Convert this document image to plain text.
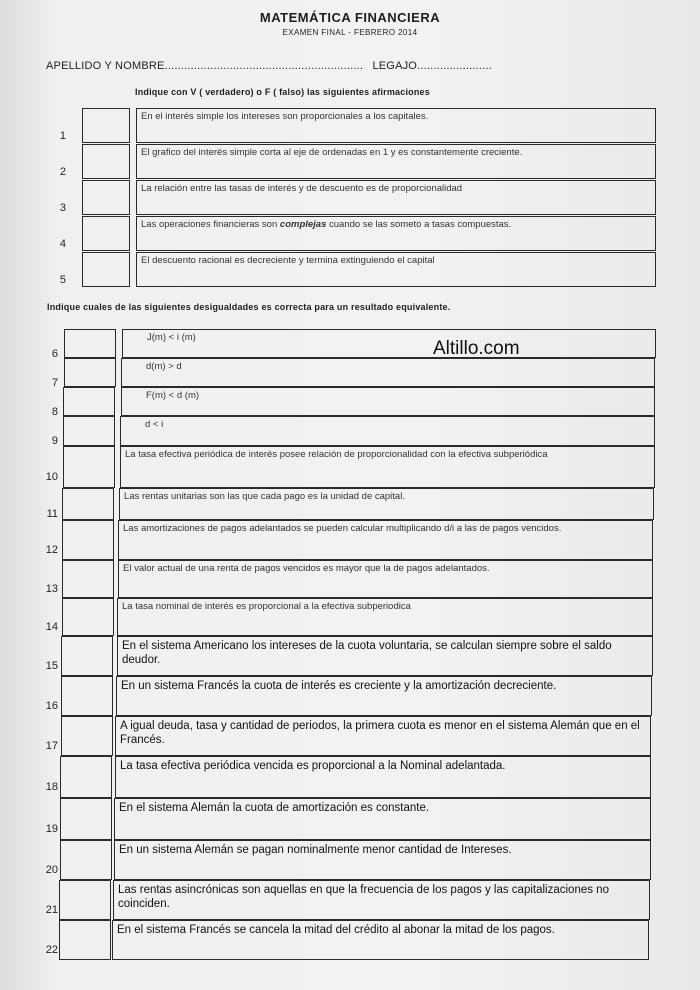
MATEMÁTICA FINANCIERA
EXAMEN FINAL - FEBRERO 2014
APELLIDO Y NOMBRE............................................................. LEGAJO.......................
Indique con V ( verdadero) o F ( falso) las siguientes afirmaciones
1
En el interés simple los intereses son proporcionales a los capitales.
2
El grafico del interés simple corta al eje de ordenadas en 1 y es constantemente creciente.
3
La relación entre las tasas de interés y de descuento es de proporcionalidad
4
Las operaciones financieras son complejas cuando se las someto a tasas compuestas.
5
El descuento racional es decreciente y termina extinguiendo el capital
Indique cuales de las siguientes desigualdades es correcta para un resultado equivalente.
6
J(m) < i (m)
7
d(m) > d
8
F(m) < d (m)
9
d < i
10
La tasa efectiva periódica de interés posee relación de proporcionalidad con la efectiva subperiódica
11
Las rentas unitarias son las que cada pago es la unidad de capital.
12
Las amortizaciones de pagos adelantados se pueden calcular multiplicando d/i a las de pagos vencidos.
13
El valor actual de una renta de pagos vencidos es mayor que la de pagos adelantados.
14
La tasa nominal de interés es proporcional a la efectiva subperiodica
15
En el sistema Americano los intereses de la cuota voluntaria, se calculan siempre sobre el saldo deudor.
16
En un sistema Francés la cuota de interés es creciente y la amortización decreciente.
17
A igual deuda, tasa y cantidad de periodos, la primera cuota es menor en el sistema Alemán que en el Francés.
18
La tasa efectiva periódica vencida es proporcional a la Nominal adelantada.
19
En el sistema Alemán la cuota de amortización es constante.
20
En un sistema Alemán se pagan nominalmente menor cantidad de Intereses.
21
Las rentas asincrónicas son aquellas en que la frecuencia de los pagos y las capitalizaciones no coinciden.
22
En el sistema Francés se cancela la mitad del crédito al abonar la mitad de los pagos.
Altillo.com
